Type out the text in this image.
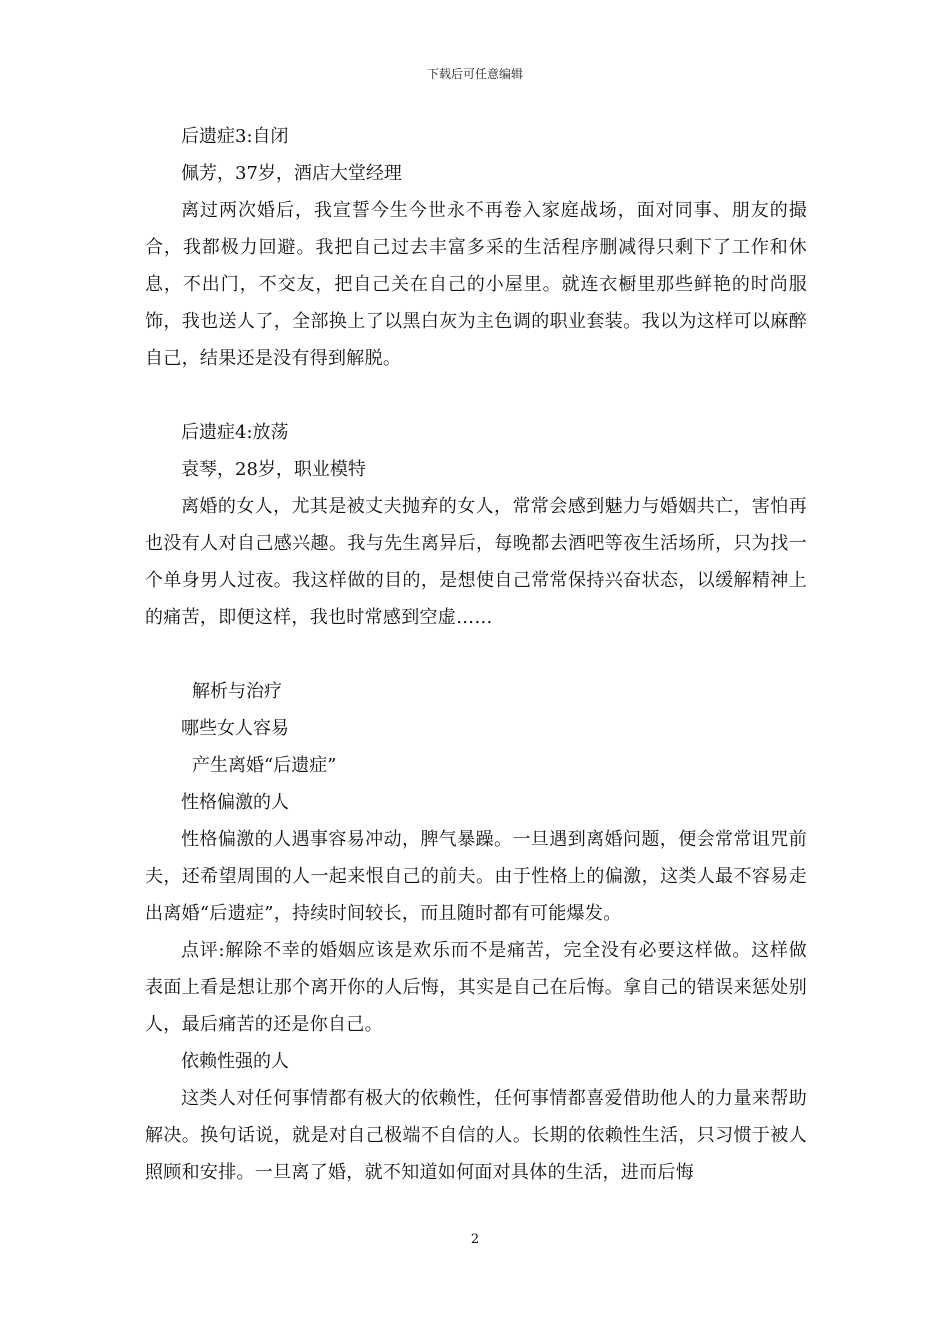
下载后可任意编辑
后遗症3:自闭
佩芳，37岁，酒店大堂经理

离过两次婚后，我宣誓今生今世永不再卷入家庭战场，面对同事、朋友的撮合，我都极力回避。我把自己过去丰富多采的生活程序删减得只剩下了工作和休息，不出门，不交友，把自己关在自己的小屋里。就连衣橱里那些鲜艳的时尚服饰，我也送人了，全部换上了以黑白灰为主色调的职业套装。我以为这样可以麻醉自己，结果还是没有得到解脱。

后遗症4:放荡
袁琴，28岁，职业模特

离婚的女人，尤其是被丈夫抛弃的女人，常常会感到魅力与婚姻共亡，害怕再也没有人对自己感兴趣。我与先生离异后，每晚都去酒吧等夜生活场所，只为找一个单身男人过夜。我这样做的目的，是想使自己常常保持兴奋状态，以缓解精神上的痛苦，即便这样，我也时常感到空虚……

解析与治疗
哪些女人容易
产生离婚“后遗症”
性格偏激的人

性格偏激的人遇事容易冲动，脾气暴躁。一旦遇到离婚问题，便会常常诅咒前夫，还希望周围的人一起来恨自己的前夫。由于性格上的偏激，这类人最不容易走出离婚“后遗症”，持续时间较长，而且随时都有可能爆发。

点评:解除不幸的婚姻应该是欢乐而不是痛苦，完全没有必要这样做。这样做表面上看是想让那个离开你的人后悔，其实是自己在后悔。拿自己的错误来惩处别人，最后痛苦的还是你自己。

依赖性强的人

这类人对任何事情都有极大的依赖性，任何事情都喜爱借助他人的力量来帮助解决。换句话说，就是对自己极端不自信的人。长期的依赖性生活，只习惯于被人照顾和安排。一旦离了婚，就不知道如何面对具体的生活，进而后悔

2
